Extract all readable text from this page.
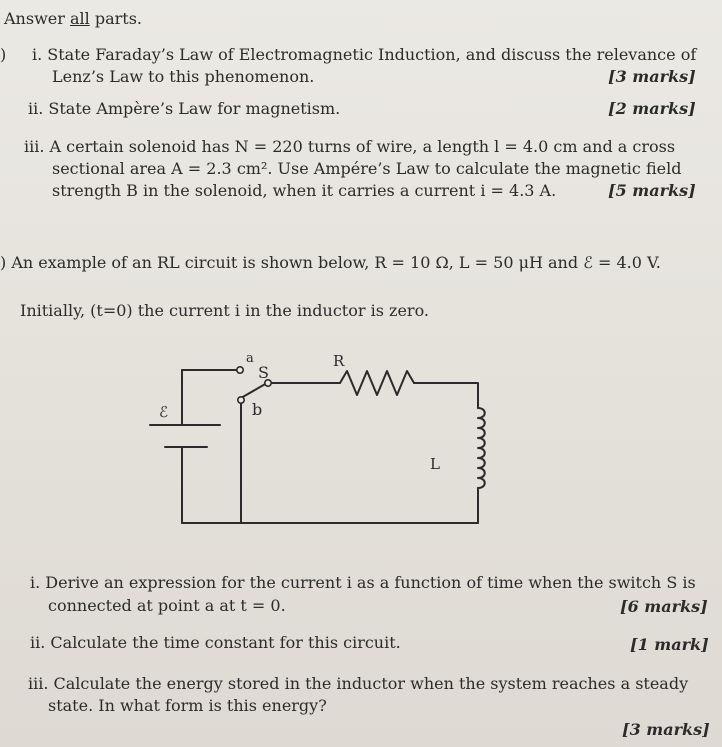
Answer all parts.
) i. State Faraday’s Law of Electromagnetic Induction, and discuss the relevance of
Lenz’s Law to this phenomenon.	[3 marks]
ii. State Ampère’s Law for magnetism.	[2 marks]
iii. A certain solenoid has N = 220 turns of wire, a length l = 4.0 cm and a cross
sectional area A = 2.3 cm². Use Ampére’s Law to calculate the magnetic field
strength B in the solenoid, when it carries a current i = 4.3 A.	[5 marks]
) An example of an RL circuit is shown below, R = 10 Ω, L = 50 μH and ℰ = 4.0 V.
Initially, (t=0) the current i in the inductor is zero.
a
S
R
b
ℰ
L
i. Derive an expression for the current i as a function of time when the switch S is
connected at point a at t = 0.	[6 marks]
ii. Calculate the time constant for this circuit.	[1 mark]
iii. Calculate the energy stored in the inductor when the system reaches a steady
state. In what form is this energy?
[3 marks]
